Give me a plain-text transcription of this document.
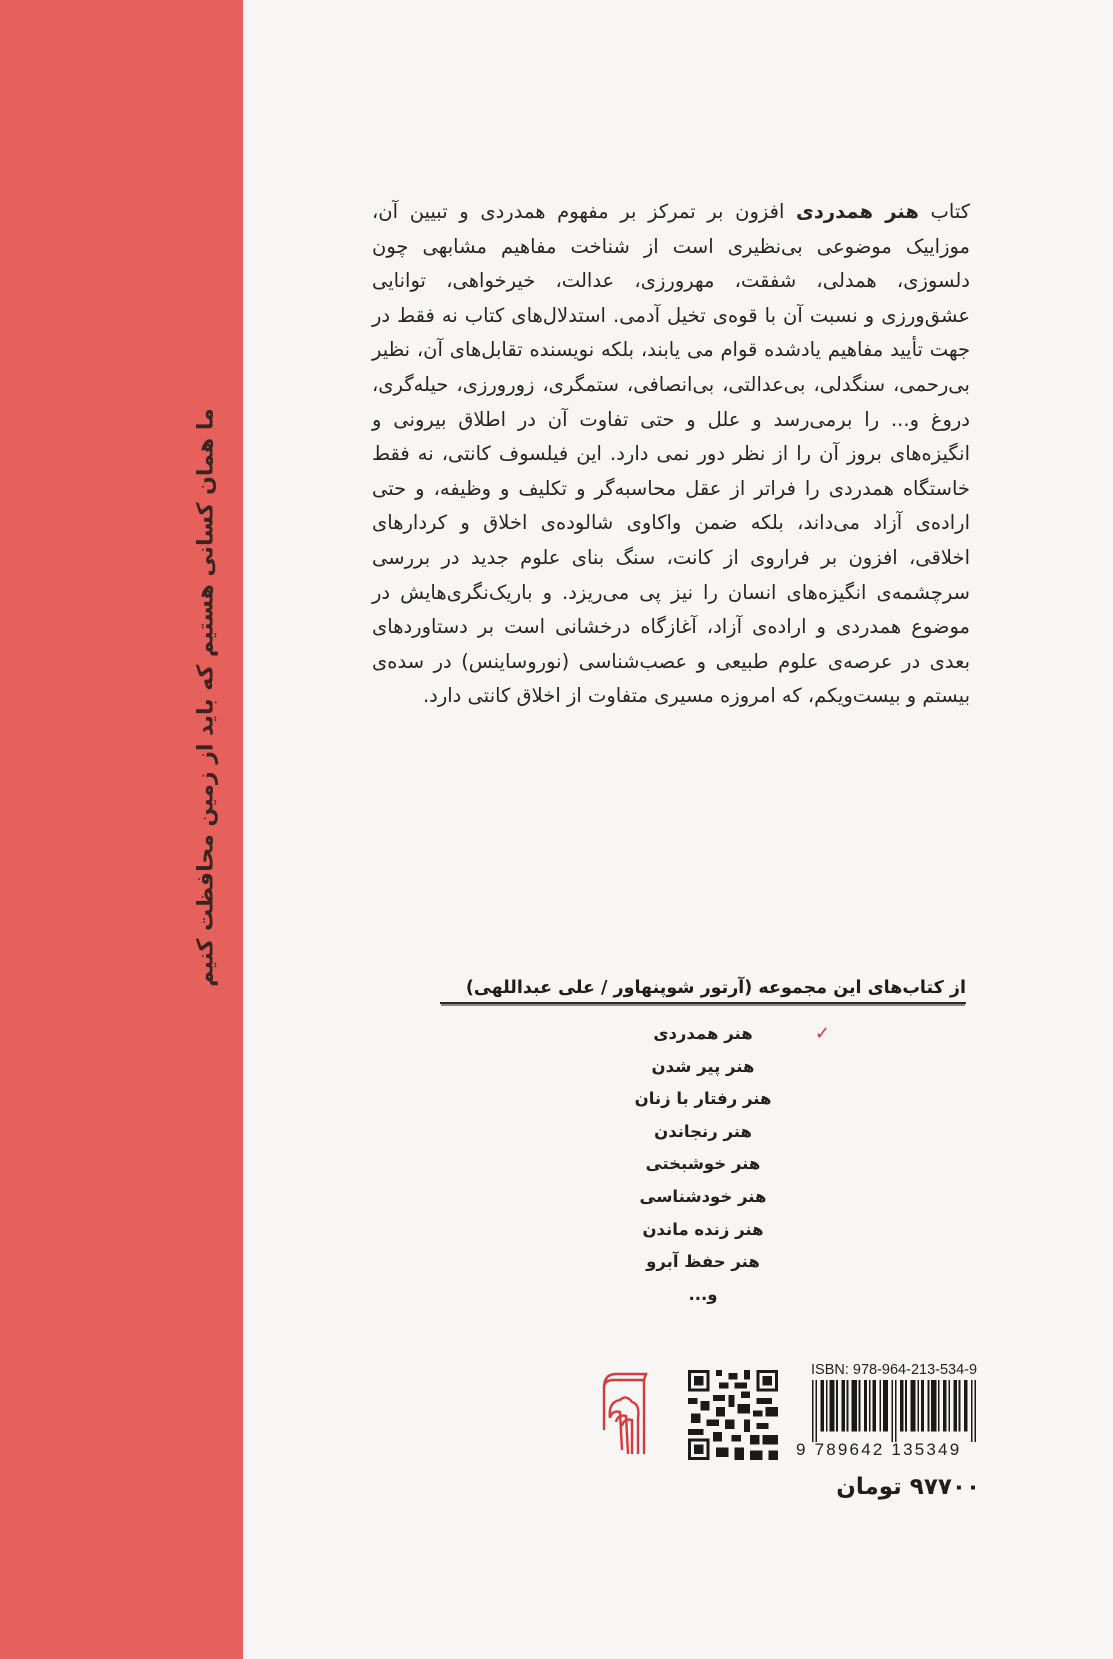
ما همان کسانی هستیم که باید از زمین محافظت کنیم
کتاب هنر همدردی افزون بر تمرکز بر مفهوم همدردی و تبیین آن، موزاییک موضوعی بی‌نظیری است از شناخت مفاهیم مشابهی چون دلسوزی، همدلی، شفقت، مهرورزی، عدالت، خیرخواهی، توانایی عشق‌ورزی و نسبت آن با قوه‌ی تخیل آدمی. استدلال‌های کتاب نه فقط در جهت تأیید مفاهیم یادشده قوام می یابند، بلکه نویسنده تقابل‌های آن، نظیر بی‌رحمی، سنگدلی، بی‌عدالتی، بی‌انصافی، ستمگری، زورورزی، حیله‌گری، دروغ و... را برمی‌رسد و علل و حتی تفاوت آن در اطلاق بیرونی و انگیزه‌های بروز آن را از نظر دور نمی دارد. این فیلسوف کانتی، نه فقط خاستگاه همدردی را فراتر از عقل محاسبه‌گر و تکلیف و وظیفه، و حتی اراده‌ی آزاد می‌داند، بلکه ضمن واکاوی شالوده‌ی اخلاق و کردارهای اخلاقی، افزون بر فراروی از کانت، سنگ بنای علوم جدید در بررسی سرچشمه‌ی انگیزه‌های انسان را نیز پی می‌ریزد. و باریک‌نگری‌هایش در موضوع همدردی و اراده‌ی آزاد، آغازگاه درخشانی است بر دستاوردهای بعدی در عرصه‌ی علوم طبیعی و عصب‌شناسی (نوروساینس) در سده‌ی بیستم و بیست‌ویکم، که امروزه مسیری متفاوت از اخلاق کانتی دارد.
از کتاب‌های این مجموعه (آرتور شوپنهاور / علی عبداللهی)
✓
هنر همدردی
هنر پیر شدن
هنر رفتار با زنان
هنر رنجاندن
هنر خوشبختی
هنر خودشناسی
هنر زنده ماندن
هنر حفظ آبرو
و...
ISBN: 978-964-213-534-9
9 789642 135349
۹۷۷۰۰ تومان
